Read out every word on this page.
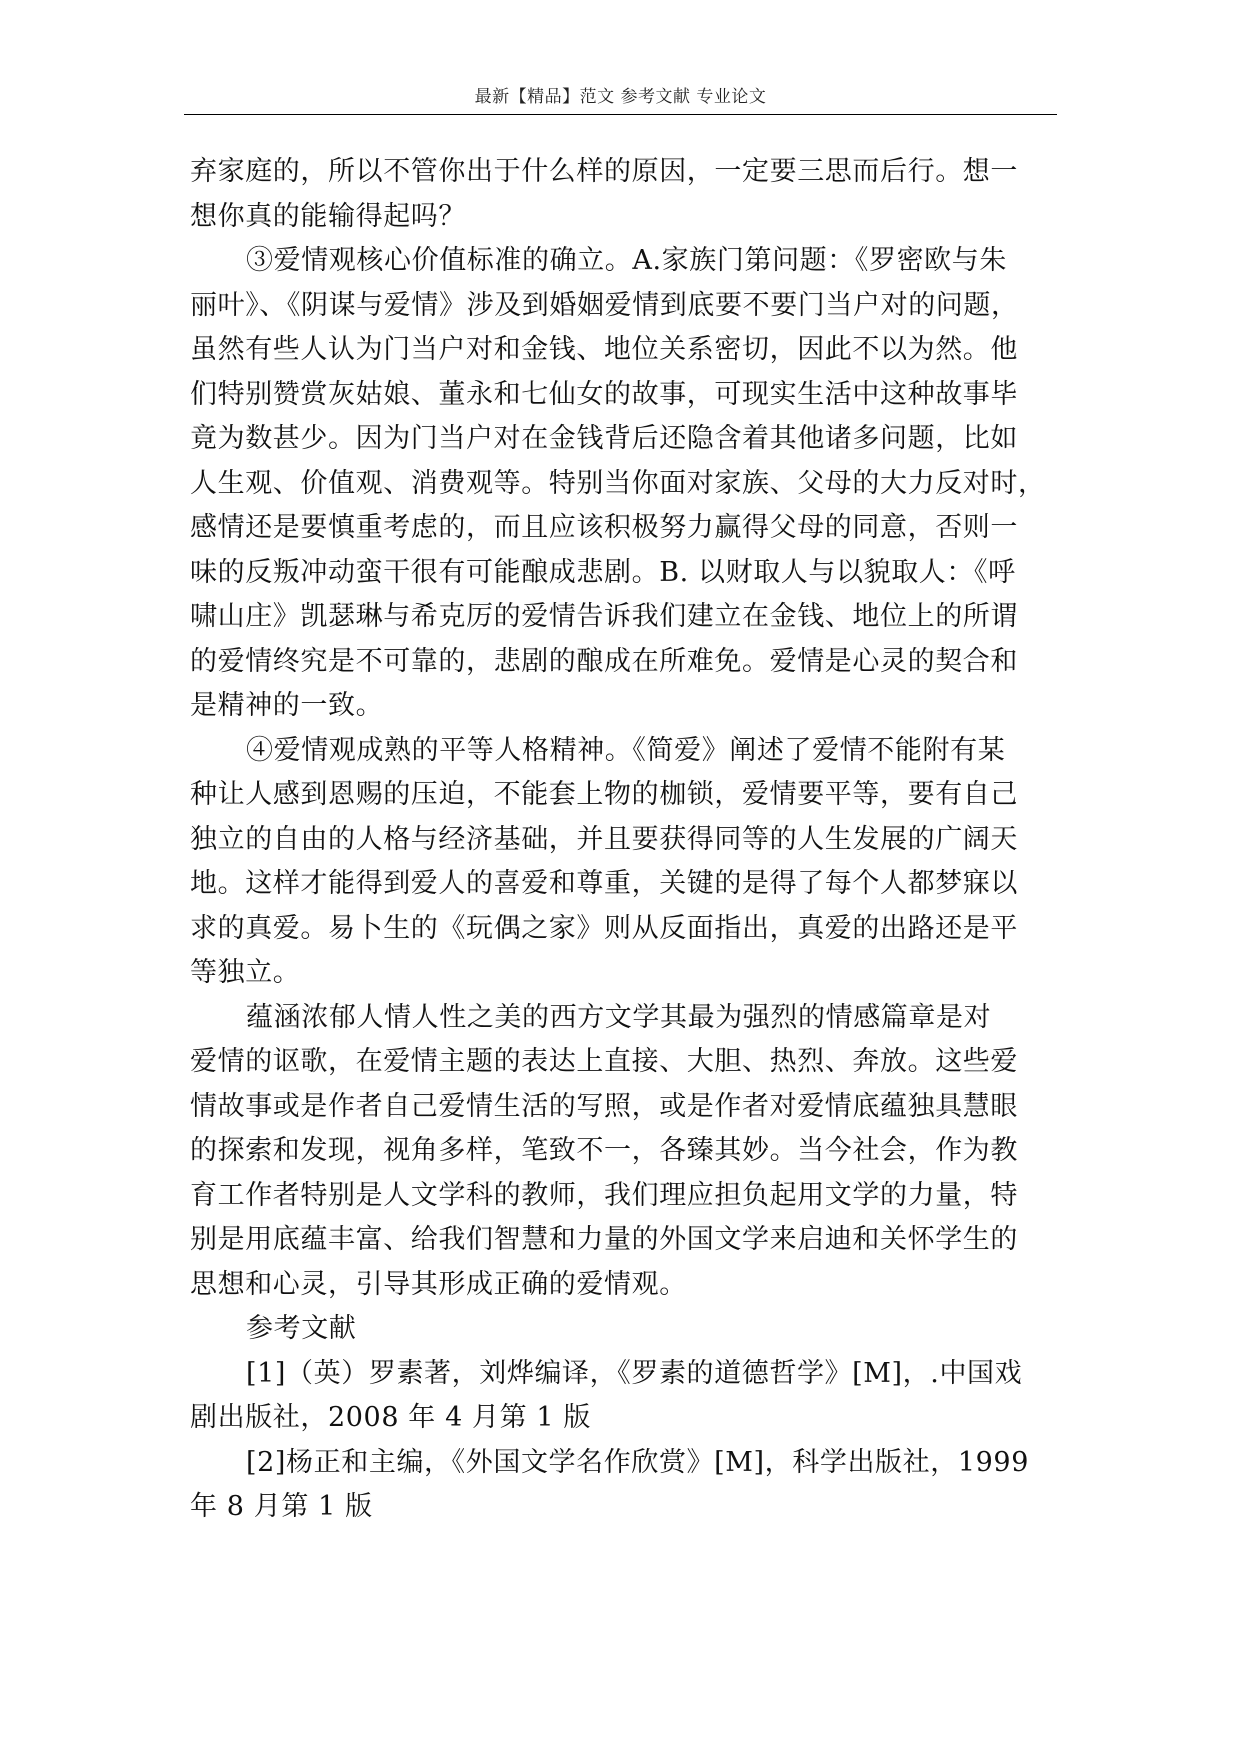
最新【精品】范文 参考文献 专业论文
弃家庭的，所以不管你出于什么样的原因，一定要三思而后行。想一
想你真的能输得起吗？
③爱情观核心价值标准的确立。A.家族门第问题：《罗密欧与朱
丽叶》、《阴谋与爱情》涉及到婚姻爱情到底要不要门当户对的问题，
虽然有些人认为门当户对和金钱、地位关系密切，因此不以为然。他
们特别赞赏灰姑娘、董永和七仙女的故事，可现实生活中这种故事毕
竟为数甚少。因为门当户对在金钱背后还隐含着其他诸多问题，比如
人生观、价值观、消费观等。特别当你面对家族、父母的大力反对时，
感情还是要慎重考虑的，而且应该积极努力赢得父母的同意，否则一
味的反叛冲动蛮干很有可能酿成悲剧。B. 以财取人与以貌取人：《呼
啸山庄》凯瑟琳与希克厉的爱情告诉我们建立在金钱、地位上的所谓
的爱情终究是不可靠的，悲剧的酿成在所难免。爱情是心灵的契合和
是精神的一致。
④爱情观成熟的平等人格精神。《简爱》阐述了爱情不能附有某
种让人感到恩赐的压迫，不能套上物的枷锁，爱情要平等，要有自己
独立的自由的人格与经济基础，并且要获得同等的人生发展的广阔天
地。这样才能得到爱人的喜爱和尊重，关键的是得了每个人都梦寐以
求的真爱。易卜生的《玩偶之家》则从反面指出，真爱的出路还是平
等独立。
蕴涵浓郁人情人性之美的西方文学其最为强烈的情感篇章是对
爱情的讴歌，在爱情主题的表达上直接、大胆、热烈、奔放。这些爱
情故事或是作者自己爱情生活的写照，或是作者对爱情底蕴独具慧眼
的探索和发现，视角多样，笔致不一，各臻其妙。当今社会，作为教
育工作者特别是人文学科的教师，我们理应担负起用文学的力量，特
别是用底蕴丰富、给我们智慧和力量的外国文学来启迪和关怀学生的
思想和心灵，引导其形成正确的爱情观。
参考文献
[1]（英）罗素著，刘烨编译，《罗素的道德哲学》[M]，.中国戏
剧出版社，2008 年 4 月第 1 版
[2]杨正和主编，《外国文学名作欣赏》[M]，科学出版社，1999
年 8 月第 1 版
